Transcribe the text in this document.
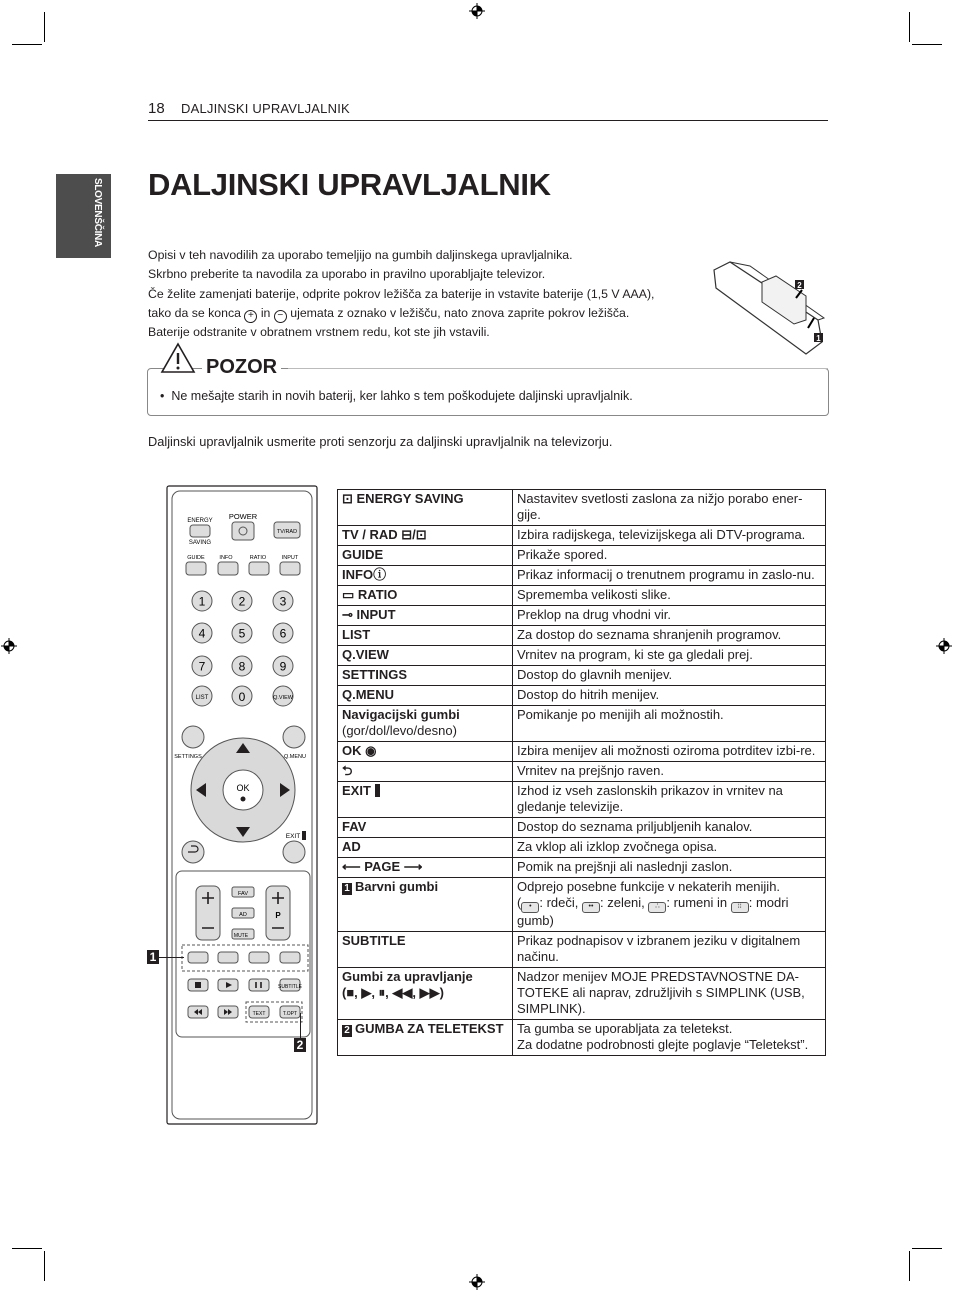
18 DALJINSKI UPRAVLJALNIK
SLOVENŠČINA DALJINSKI UPRAVLJALNIK

Opisi v teh navodilih za uporabo temeljijo na gumbih daljinskega upravljalnika.

Skrbno preberite ta navodila za uporabo in pravilno uporabljajte televizor.

Če želite zamenjati baterije, odprite pokrov ležišča za baterije in vstavite baterije (1,5 V AAA),

tako da se konca + in − ujemata z oznako v ležišču, nato znova zaprite pokrov ležišča.

Baterije odstranite v obratnem vrstnem redu, kot ste jih vstavili.

2
1
POZOR
•  Ne mešajte starih in novih baterij, ker lahko s tem poškodujete daljinski upravljalnik.
Daljinski upravljalnik usmerite proti senzorju za daljinski upravljalnik na televizorju.
ENERGY
SAVING
POWER
TV/RAD
GUIDE	INFO	RATIO	INPUT
1	2	3
4	5	6
7	8	9
LIST	0	Q.VIEW
SETTINGS	Q.MENU
OK
EXIT
P
FAV
AD
MUTE
SUBTITLE
TEXT	T.OPT
1
2
⊡ ENERGY SAVING	Nastavitev svetlosti zaslona za nižjo porabo ener-gije.
TV / RAD ⊟/⊡	Izbira radijskega, televizijskega ali DTV-programa.
GUIDE	Prikaže spored.
INFOⓘ	Prikaz informacij o trenutnem programu in zaslo-nu.
▭ RATIO	Sprememba velikosti slike.
⊸ INPUT	Preklop na drug vhodni vir.
LIST	Za dostop do seznama shranjenih programov.
Q.VIEW	Vrnitev na program, ki ste ga gledali prej.
SETTINGS	Dostop do glavnih menijev.
Q.MENU	Dostop do hitrih menijev.
Navigacijski gumbi
(gor/dol/levo/desno)	Pomikanje po menijih ali možnostih.
OK ◉	Izbira menijev ali možnosti oziroma potrditev izbi-re.
⮌	Vrnitev na prejšnjo raven.
EXIT	Izhod iz vseh zaslonskih prikazov in vrnitev na gledanje televizije.
FAV	Dostop do seznama priljubljenih kanalov.
AD	Za vklop ali izklop zvočnega opisa.
⟵ PAGE ⟶	Pomik na prejšnji ali naslednji zaslon.
1 Barvni gumbi	Odprejo posebne funkcije v nekaterih menijih.
( • : rdeči, •• : zeleni, ∴ : rumeni in ⁞⁞ : modri gumb)
SUBTITLE	Prikaz podnapisov v izbranem jeziku v digitalnem načinu.
Gumbi za upravljanje
(■, ▶, ⏸, ◀◀, ▶▶)	Nadzor menijev MOJE PREDSTAVNOSTNE DA-TOTEKE ali naprav, združljivih s SIMPLINK (USB, SIMPLINK).
2 GUMBA ZA TELETEKST	Ta gumba se uporabljata za teletekst.
Za dodatne podrobnosti glejte poglavje “Teletekst”.
